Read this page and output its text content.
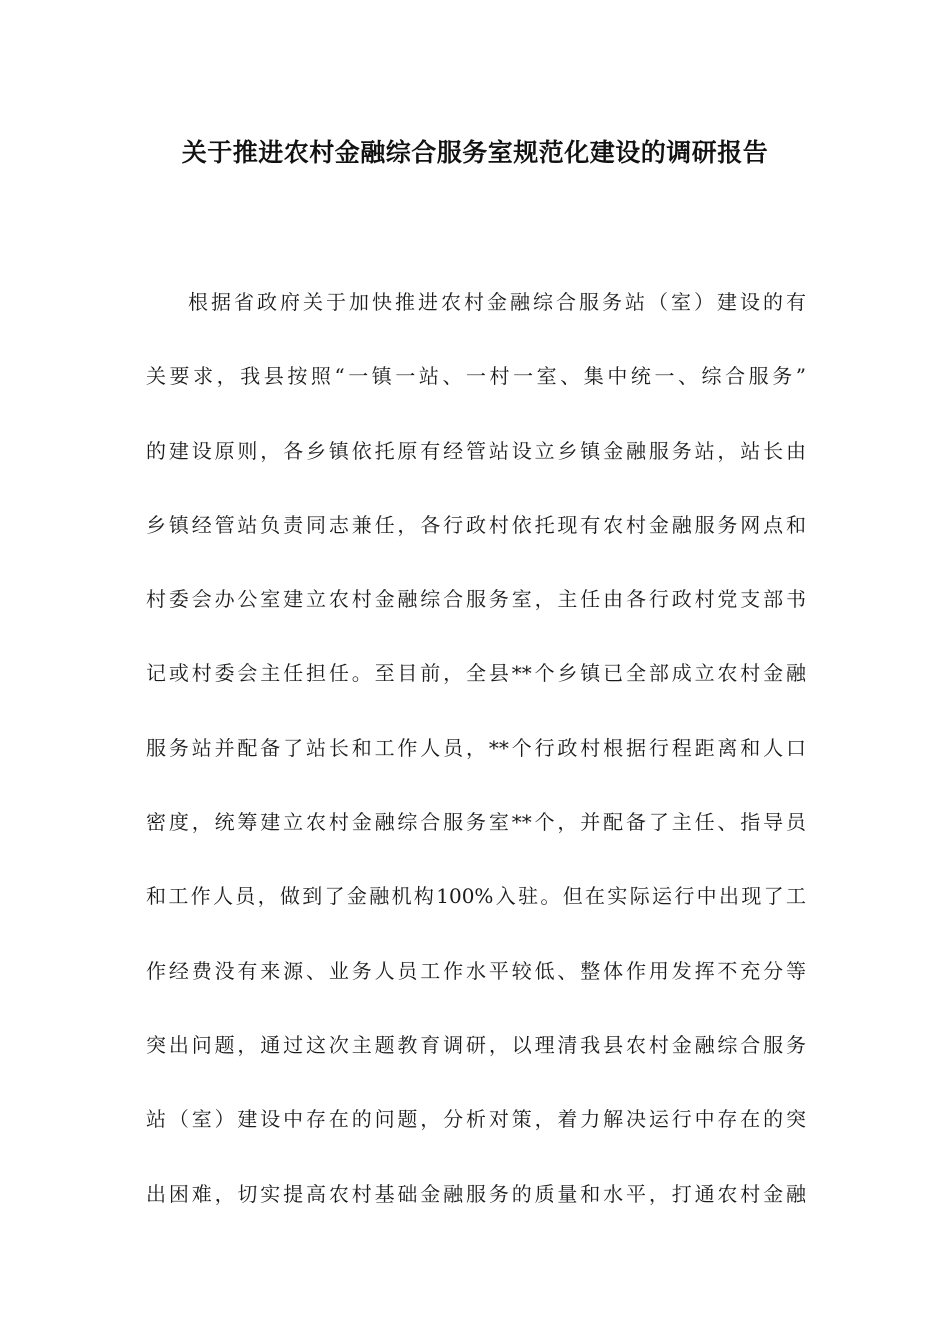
关于推进农村金融综合服务室规范化建设的调研报告
根据省政府关于加快推进农村金融综合服务站（室）建设的有
关要求，我县按照“一镇一站、一村一室、集中统一、综合服务”
的建设原则，各乡镇依托原有经管站设立乡镇金融服务站，站长由
乡镇经管站负责同志兼任，各行政村依托现有农村金融服务网点和
村委会办公室建立农村金融综合服务室，主任由各行政村党支部书
记或村委会主任担任。至目前，全县**个乡镇已全部成立农村金融
服务站并配备了站长和工作人员，**个行政村根据行程距离和人口
密度，统筹建立农村金融综合服务室**个，并配备了主任、指导员
和工作人员，做到了金融机构100%入驻。但在实际运行中出现了工
作经费没有来源、业务人员工作水平较低、整体作用发挥不充分等
突出问题，通过这次主题教育调研，以理清我县农村金融综合服务
站（室）建设中存在的问题，分析对策，着力解决运行中存在的突
出困难，切实提高农村基础金融服务的质量和水平，打通农村金融
